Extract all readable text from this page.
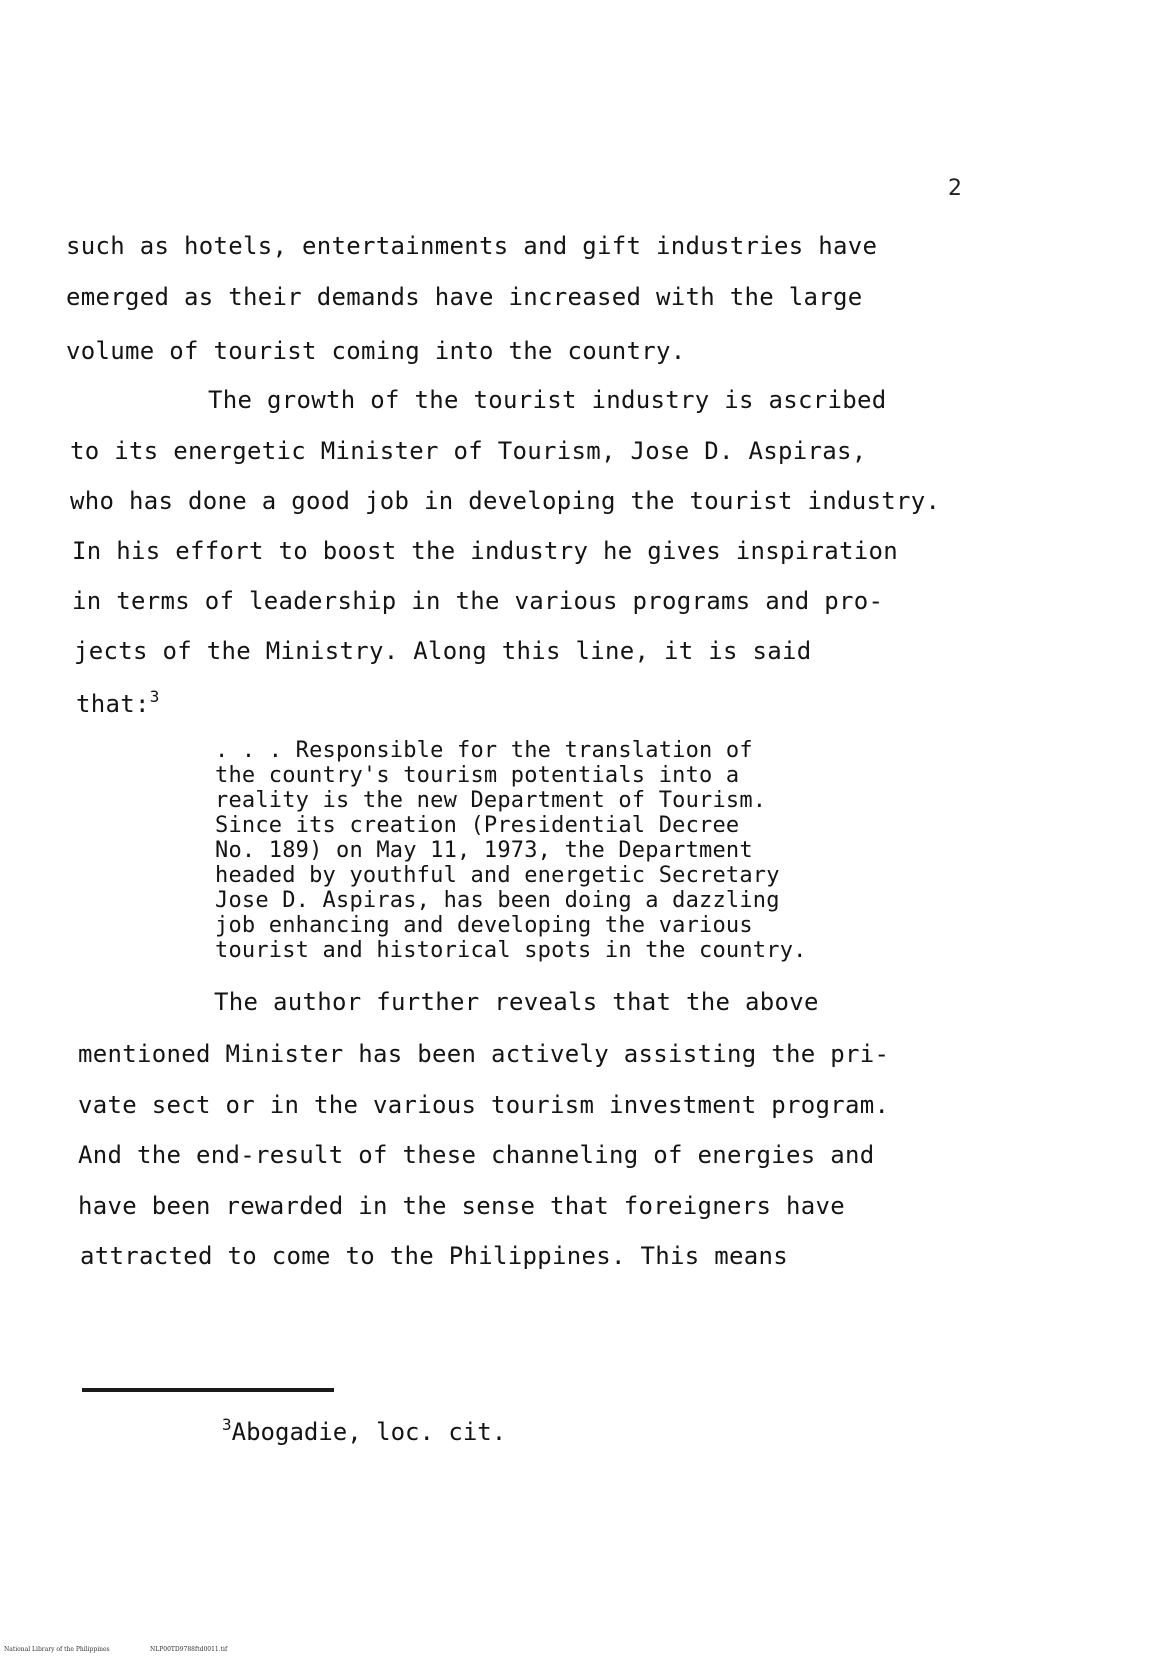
2
such as hotels, entertainments and gift industries have
emerged as their demands have increased with the large
volume of tourist coming into the country.
The growth of the tourist industry is ascribed
to its energetic Minister of Tourism, Jose D. Aspiras,
who has done a good job in developing the tourist industry.
In his effort to boost the industry he gives inspiration
in terms of leadership in the various programs and pro-
jects of the Ministry. Along this line, it is said
that:$^3$
. . . Responsible for the translation of
the country's tourism potentials into a
reality is the new Department of Tourism.
Since its creation (Presidential Decree
No. 189) on May 11, 1973, the Department
headed by youthful and energetic Secretary
Jose D. Aspiras, has been doing a dazzling
job enhancing and developing the various
tourist and historical spots in the country.
The author further reveals that the above
mentioned Minister has been actively assisting the pri-
vate sect or in the various tourism investment program.
And the end-result of these channeling of energies and
have been rewarded in the sense that foreigners have
attracted to come to the Philippines. This means
$^3$Abogadie, loc. cit.
National Library of the Philippines	NLP00TD9788ftd0011.tif
